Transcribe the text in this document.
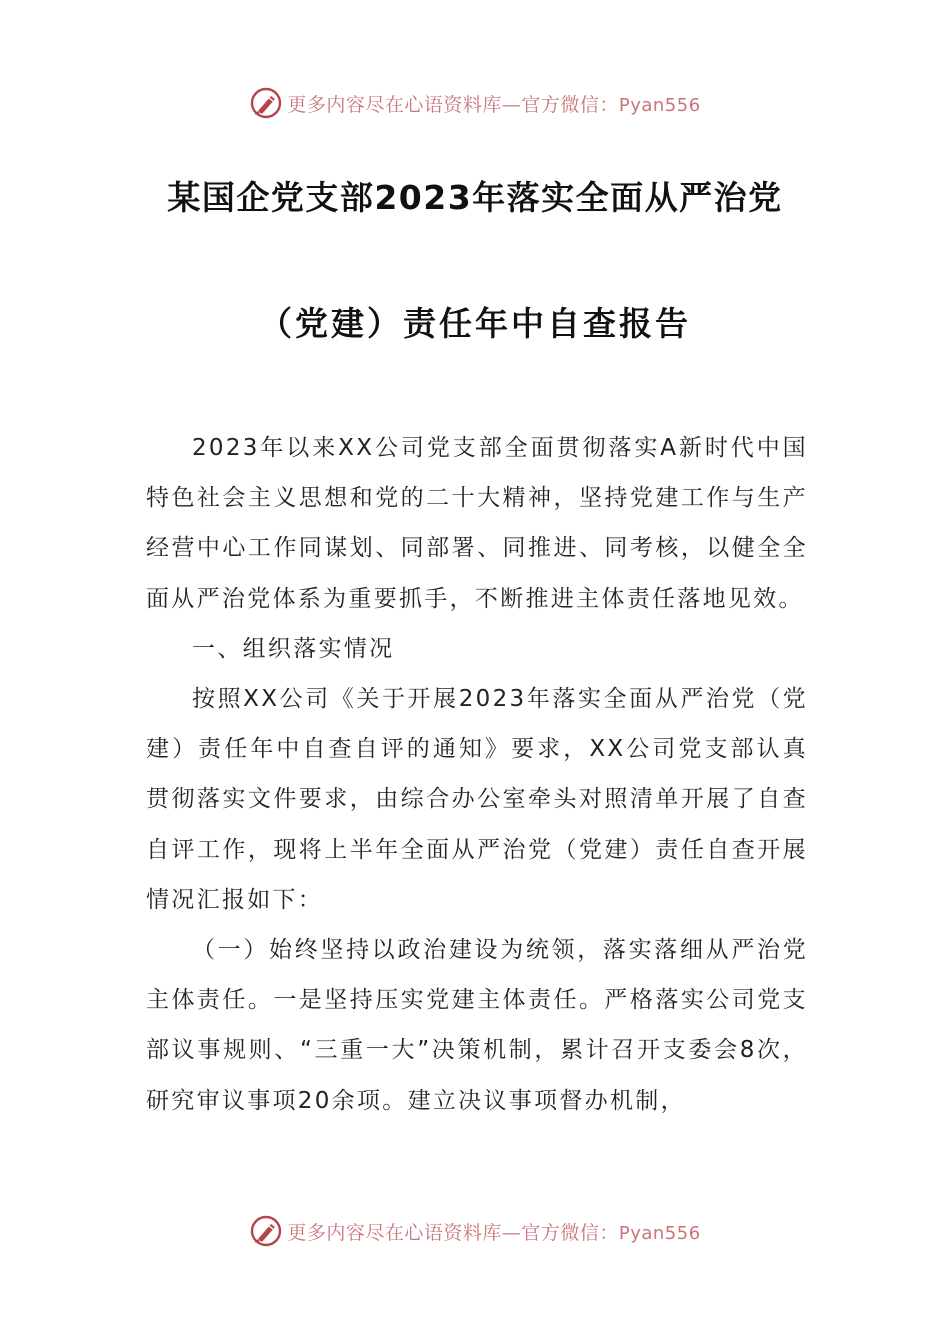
更多内容尽在心语资料库—官方微信：Pyan556
某国企党支部2023年落实全面从严治党
（党建）责任年中自查报告

2023年以来XX公司党支部全面贯彻落实A新时代中国特色社会主义思想和党的二十大精神，坚持党建工作与生产经营中心工作同谋划、同部署、同推进、同考核，以健全全面从严治党体系为重要抓手，不断推进主体责任落地见效。

一、组织落实情况

按照XX公司《关于开展2023年落实全面从严治党（党建）责任年中自查自评的通知》要求，XX公司党支部认真贯彻落实文件要求，由综合办公室牵头对照清单开展了自查自评工作，现将上半年全面从严治党（党建）责任自查开展情况汇报如下：

（一）始终坚持以政治建设为统领，落实落细从严治党主体责任。一是坚持压实党建主体责任。严格落实公司党支部议事规则、“三重一大”决策机制，累计召开支委会8次，研究审议事项20余项。建立决议事项督办机制，

更多内容尽在心语资料库—官方微信：Pyan556
